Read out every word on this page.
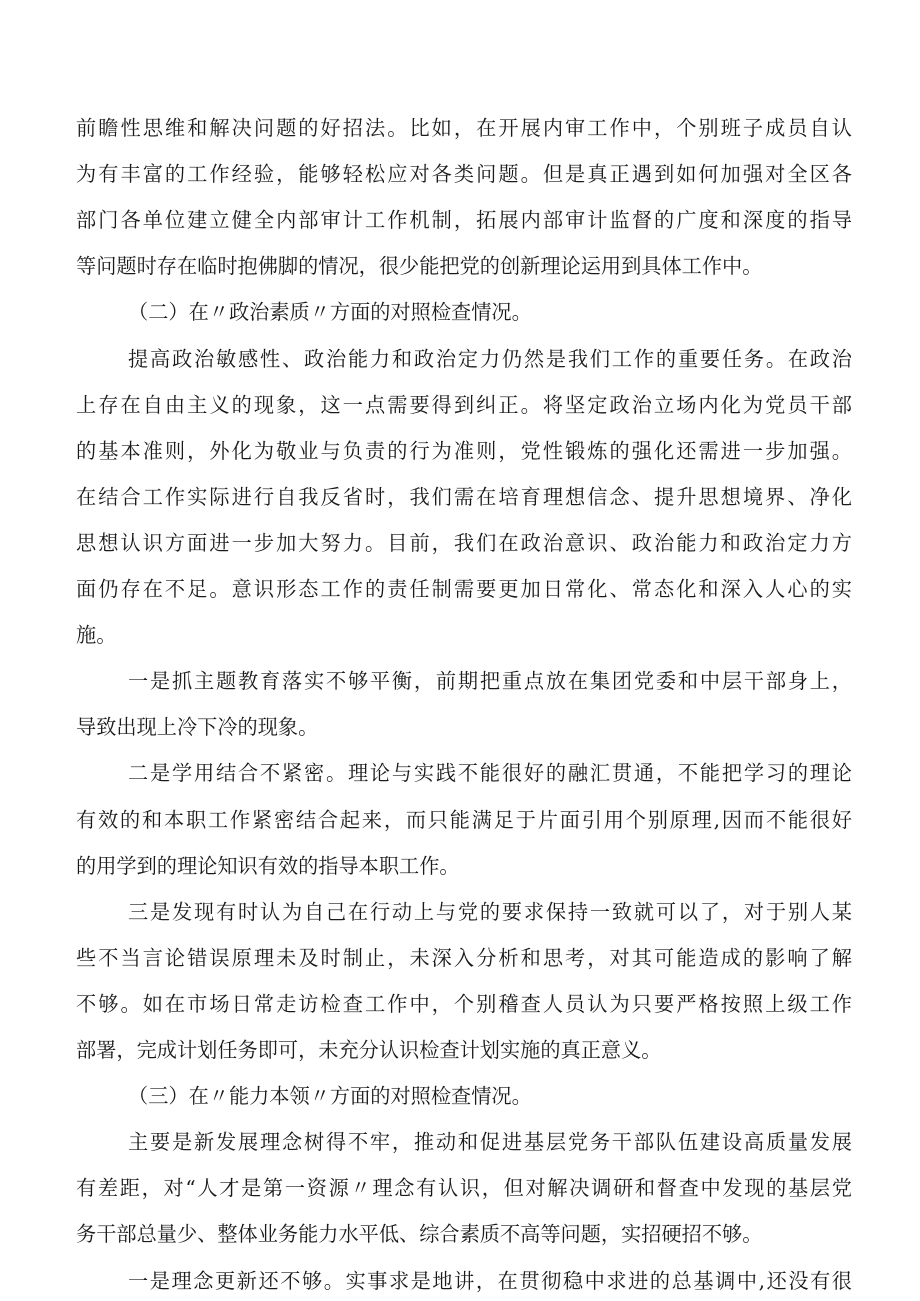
前瞻性思维和解决问题的好招法。比如，在开展内审工作中，个别班子成员自认
为有丰富的工作经验，能够轻松应对各类问题。但是真正遇到如何加强对全区各
部门各单位建立健全内部审计工作机制，拓展内部审计监督的广度和深度的指导
等问题时存在临时抱佛脚的情况，很少能把党的创新理论运用到具体工作中。
（二）在〃政治素质〃方面的对照检查情况。
提高政治敏感性、政治能力和政治定力仍然是我们工作的重要任务。在政治
上存在自由主义的现象，这一点需要得到纠正。将坚定政治立场内化为党员干部
的基本准则，外化为敬业与负责的行为准则，党性锻炼的强化还需进一步加强。
在结合工作实际进行自我反省时，我们需在培育理想信念、提升思想境界、净化
思想认识方面进一步加大努力。目前，我们在政治意识、政治能力和政治定力方
面仍存在不足。意识形态工作的责任制需要更加日常化、常态化和深入人心的实
施。
一是抓主题教育落实不够平衡，前期把重点放在集团党委和中层干部身上，
导致出现上冷下冷的现象。
二是学用结合不紧密。理论与实践不能很好的融汇贯通，不能把学习的理论
有效的和本职工作紧密结合起来，而只能满足于片面引用个别原理,因而不能很好
的用学到的理论知识有效的指导本职工作。
三是发现有时认为自己在行动上与党的要求保持一致就可以了，对于别人某
些不当言论错误原理未及时制止，未深入分析和思考，对其可能造成的影响了解
不够。如在市场日常走访检查工作中，个别稽查人员认为只要严格按照上级工作
部署，完成计划任务即可，未充分认识检查计划实施的真正意义。
（三）在〃能力本领〃方面的对照检查情况。
主要是新发展理念树得不牢，推动和促进基层党务干部队伍建设高质量发展
有差距，对“人才是第一资源〃理念有认识，但对解决调研和督查中发现的基层党
务干部总量少、整体业务能力水平低、综合素质不高等问题，实招硬招不够。
一是理念更新还不够。实事求是地讲，在贯彻稳中求进的总基调中,还没有很
